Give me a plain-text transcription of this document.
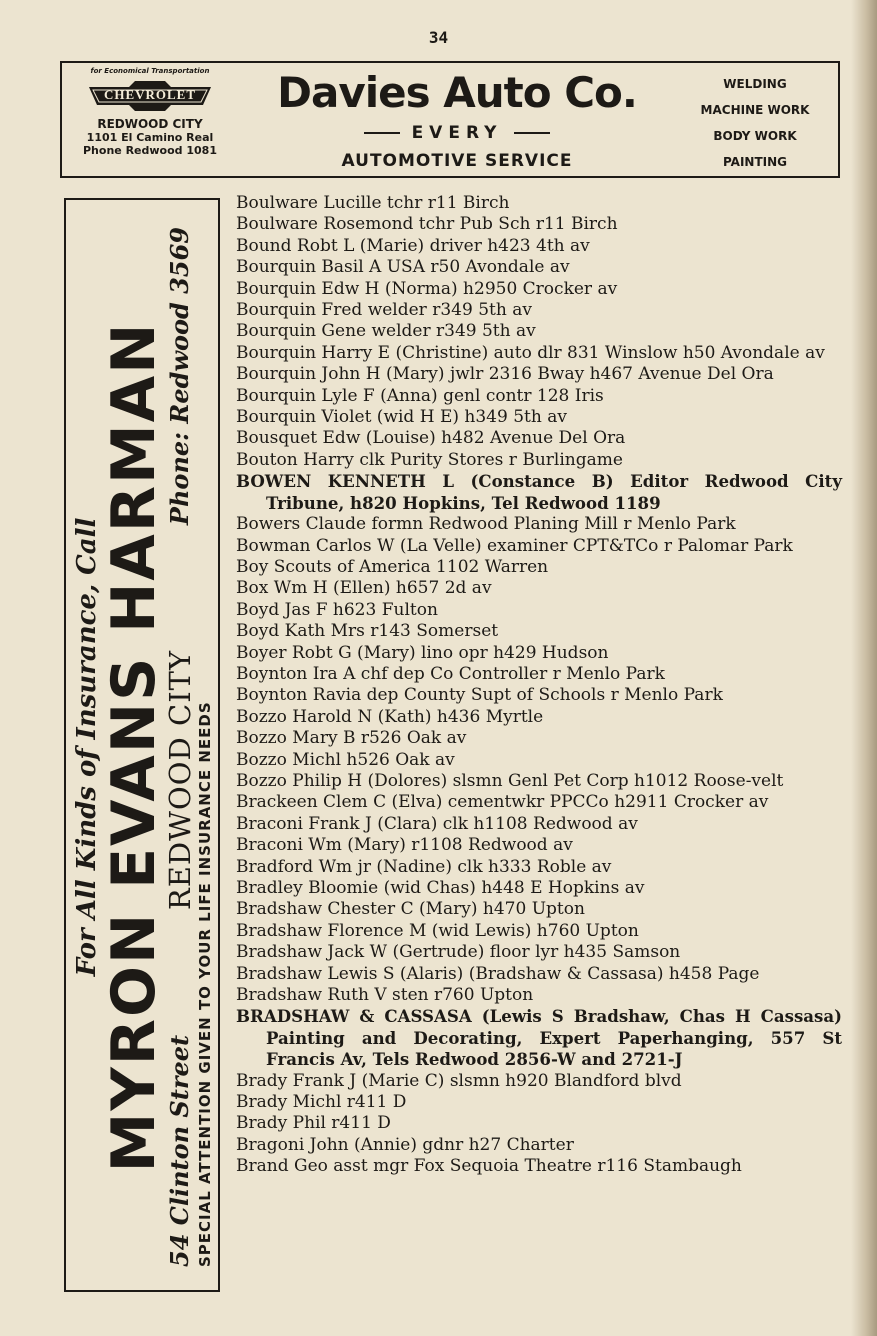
34
for Economical Transportation
CHEVROLET
REDWOOD CITY
1101 El Camino Real
Phone Redwood 1081
Davies Auto Co.
EVERY
AUTOMOTIVE SERVICE
WELDING
MACHINE WORK
BODY WORK
PAINTING
For All Kinds of Insurance, Call
MYRON EVANS HARMAN
54 Clinton Street
REDWOOD CITY
Phone: Redwood 3569
SPECIAL ATTENTION GIVEN TO YOUR LIFE INSURANCE NEEDS
Boulware Lucille tchr r11 Birch
Boulware Rosemond tchr Pub Sch r11 Birch
Bound Robt L (Marie) driver h423 4th av
Bourquin Basil A USA r50 Avondale av
Bourquin Edw H (Norma) h2950 Crocker av
Bourquin Fred welder r349 5th av
Bourquin Gene welder r349 5th av
Bourquin Harry E (Christine) auto dlr 831 Winslow h50 Avondale av
Bourquin John H (Mary) jwlr 2316 Bway h467 Avenue Del Ora
Bourquin Lyle F (Anna) genl contr 128 Iris
Bourquin Violet (wid H E) h349 5th av
Bousquet Edw (Louise) h482 Avenue Del Ora
Bouton Harry clk Purity Stores r Burlingame
BOWEN KENNETH L (Constance B) Editor Redwood City Tribune, h820 Hopkins, Tel Redwood 1189
Bowers Claude formn Redwood Planing Mill r Menlo Park
Bowman Carlos W (La Velle) examiner CPT&TCo r Palomar Park
Boy Scouts of America 1102 Warren
Box Wm H (Ellen) h657 2d av
Boyd Jas F h623 Fulton
Boyd Kath Mrs r143 Somerset
Boyer Robt G (Mary) lino opr h429 Hudson
Boynton Ira A chf dep Co Controller r Menlo Park
Boynton Ravia dep County Supt of Schools r Menlo Park
Bozzo Harold N (Kath) h436 Myrtle
Bozzo Mary B r526 Oak av
Bozzo Michl h526 Oak av
Bozzo Philip H (Dolores) slsmn Genl Pet Corp h1012 Roose-velt
Brackeen Clem C (Elva) cementwkr PPCCo h2911 Crocker av
Braconi Frank J (Clara) clk h1108 Redwood av
Braconi Wm (Mary) r1108 Redwood av
Bradford Wm jr (Nadine) clk h333 Roble av
Bradley Bloomie (wid Chas) h448 E Hopkins av
Bradshaw Chester C (Mary) h470 Upton
Bradshaw Florence M (wid Lewis) h760 Upton
Bradshaw Jack W (Gertrude) floor lyr h435 Samson
Bradshaw Lewis S (Alaris) (Bradshaw & Cassasa) h458 Page
Bradshaw Ruth V sten r760 Upton
BRADSHAW & CASSASA (Lewis S Bradshaw, Chas H Cassasa) Painting and Decorating, Expert Paperhanging, 557 St Francis Av, Tels Redwood 2856-W and 2721-J
Brady Frank J (Marie C) slsmn h920 Blandford blvd
Brady Michl r411 D
Brady Phil r411 D
Bragoni John (Annie) gdnr h27 Charter
Brand Geo asst mgr Fox Sequoia Theatre r116 Stambaugh
